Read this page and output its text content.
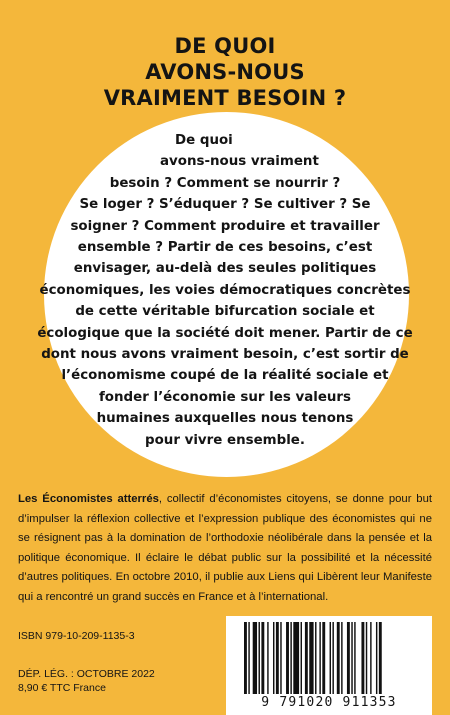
DE QUOI
AVONS-NOUS
VRAIMENT BESOIN ?
De quoi
avons-nous vraiment
besoin ? Comment se nourrir ?
Se loger ? S’éduquer ? Se cultiver ? Se
soigner ? Comment produire et travailler
ensemble ? Partir de ces besoins, c’est
envisager, au-delà des seules politiques
économiques, les voies démocratiques concrètes
de cette véritable bifurcation sociale et
écologique que la société doit mener. Partir de ce
dont nous avons vraiment besoin, c’est sortir de
l’économisme coupé de la réalité sociale et
fonder l’économie sur les valeurs
humaines auxquelles nous tenons
pour vivre ensemble.

Les Économistes atterrés, collectif d’économistes citoyens, se donne pour but d’impulser la réflexion collective et l’expression publique des économistes qui ne se résignent pas à la domination de l’orthodoxie néolibérale dans la pensée et la politique économique. Il éclaire le débat public sur la possibilité et la nécessité d’autres politiques. En octobre 2010, il publie aux Liens qui Libèrent leur Manifeste qui a rencontré un grand succès en France et à l’international.

ISBN 979-10-209-1135-3
DÉP. LÉG. : OCTOBRE 2022
8,90 € TTC France
9 791020 911353
